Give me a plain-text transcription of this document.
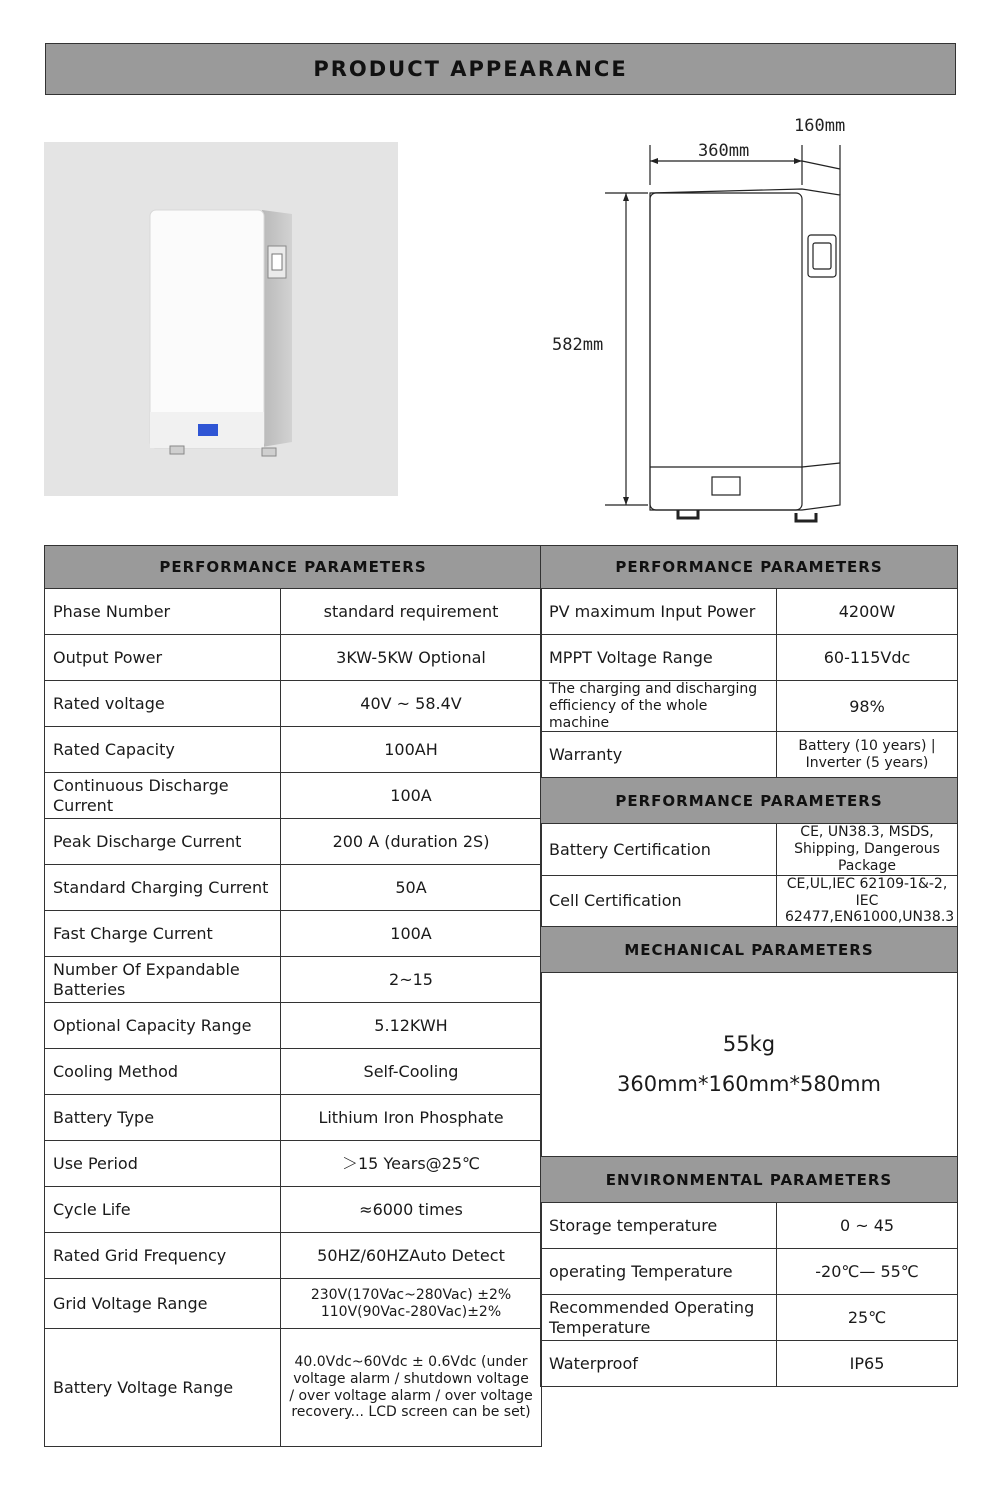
PRODUCT APPEARANCE
360mm
160mm
582mm
PERFORMANCE PARAMETERS	
Phase Number	standard requirement
Output Power	3KW-5KW Optional
Rated voltage	40V ~ 58.4V
Rated Capacity	100AH
Continuous Discharge Current	100A
Peak Discharge Current	200 A (duration 2S)
Standard Charging Current	50A
Fast Charge Current	100A
Number Of Expandable Batteries	2~15
Optional Capacity Range	5.12KWH
Cooling Method	Self-Cooling
Battery Type	Lithium Iron Phosphate
Use Period	＞15 Years@25℃
Cycle Life	≈6000 times
Rated Grid Frequency	50HZ/60HZAuto Detect
Grid Voltage Range	230V(170Vac~280Vac) ±2% 110V(90Vac-280Vac)±2%
Battery Voltage Range	40.0Vdc~60Vdc ± 0.6Vdc (under voltage alarm / shutdown voltage / over voltage alarm / over voltage recovery... LCD screen can be set)
PERFORMANCE PARAMETERS	
PV maximum Input Power	4200W
MPPT Voltage Range	60-115Vdc
The charging and discharging efficiency of the whole machine	98%
Warranty	Battery (10 years) | Inverter (5 years)
PERFORMANCE PARAMETERS	
Battery Certification	CE, UN38.3, MSDS, Shipping, Dangerous Package
Cell Certification	CE,UL,IEC 62109-1&-2, IEC 62477,EN61000,UN38.3
MECHANICAL PARAMETERS	

55kg
360mm*160mm*580mm	

ENVIRONMENTAL PARAMETERS	
Storage temperature	0 ~ 45
operating Temperature	-20℃— 55℃
Recommended Operating Temperature	25℃
Waterproof	IP65
